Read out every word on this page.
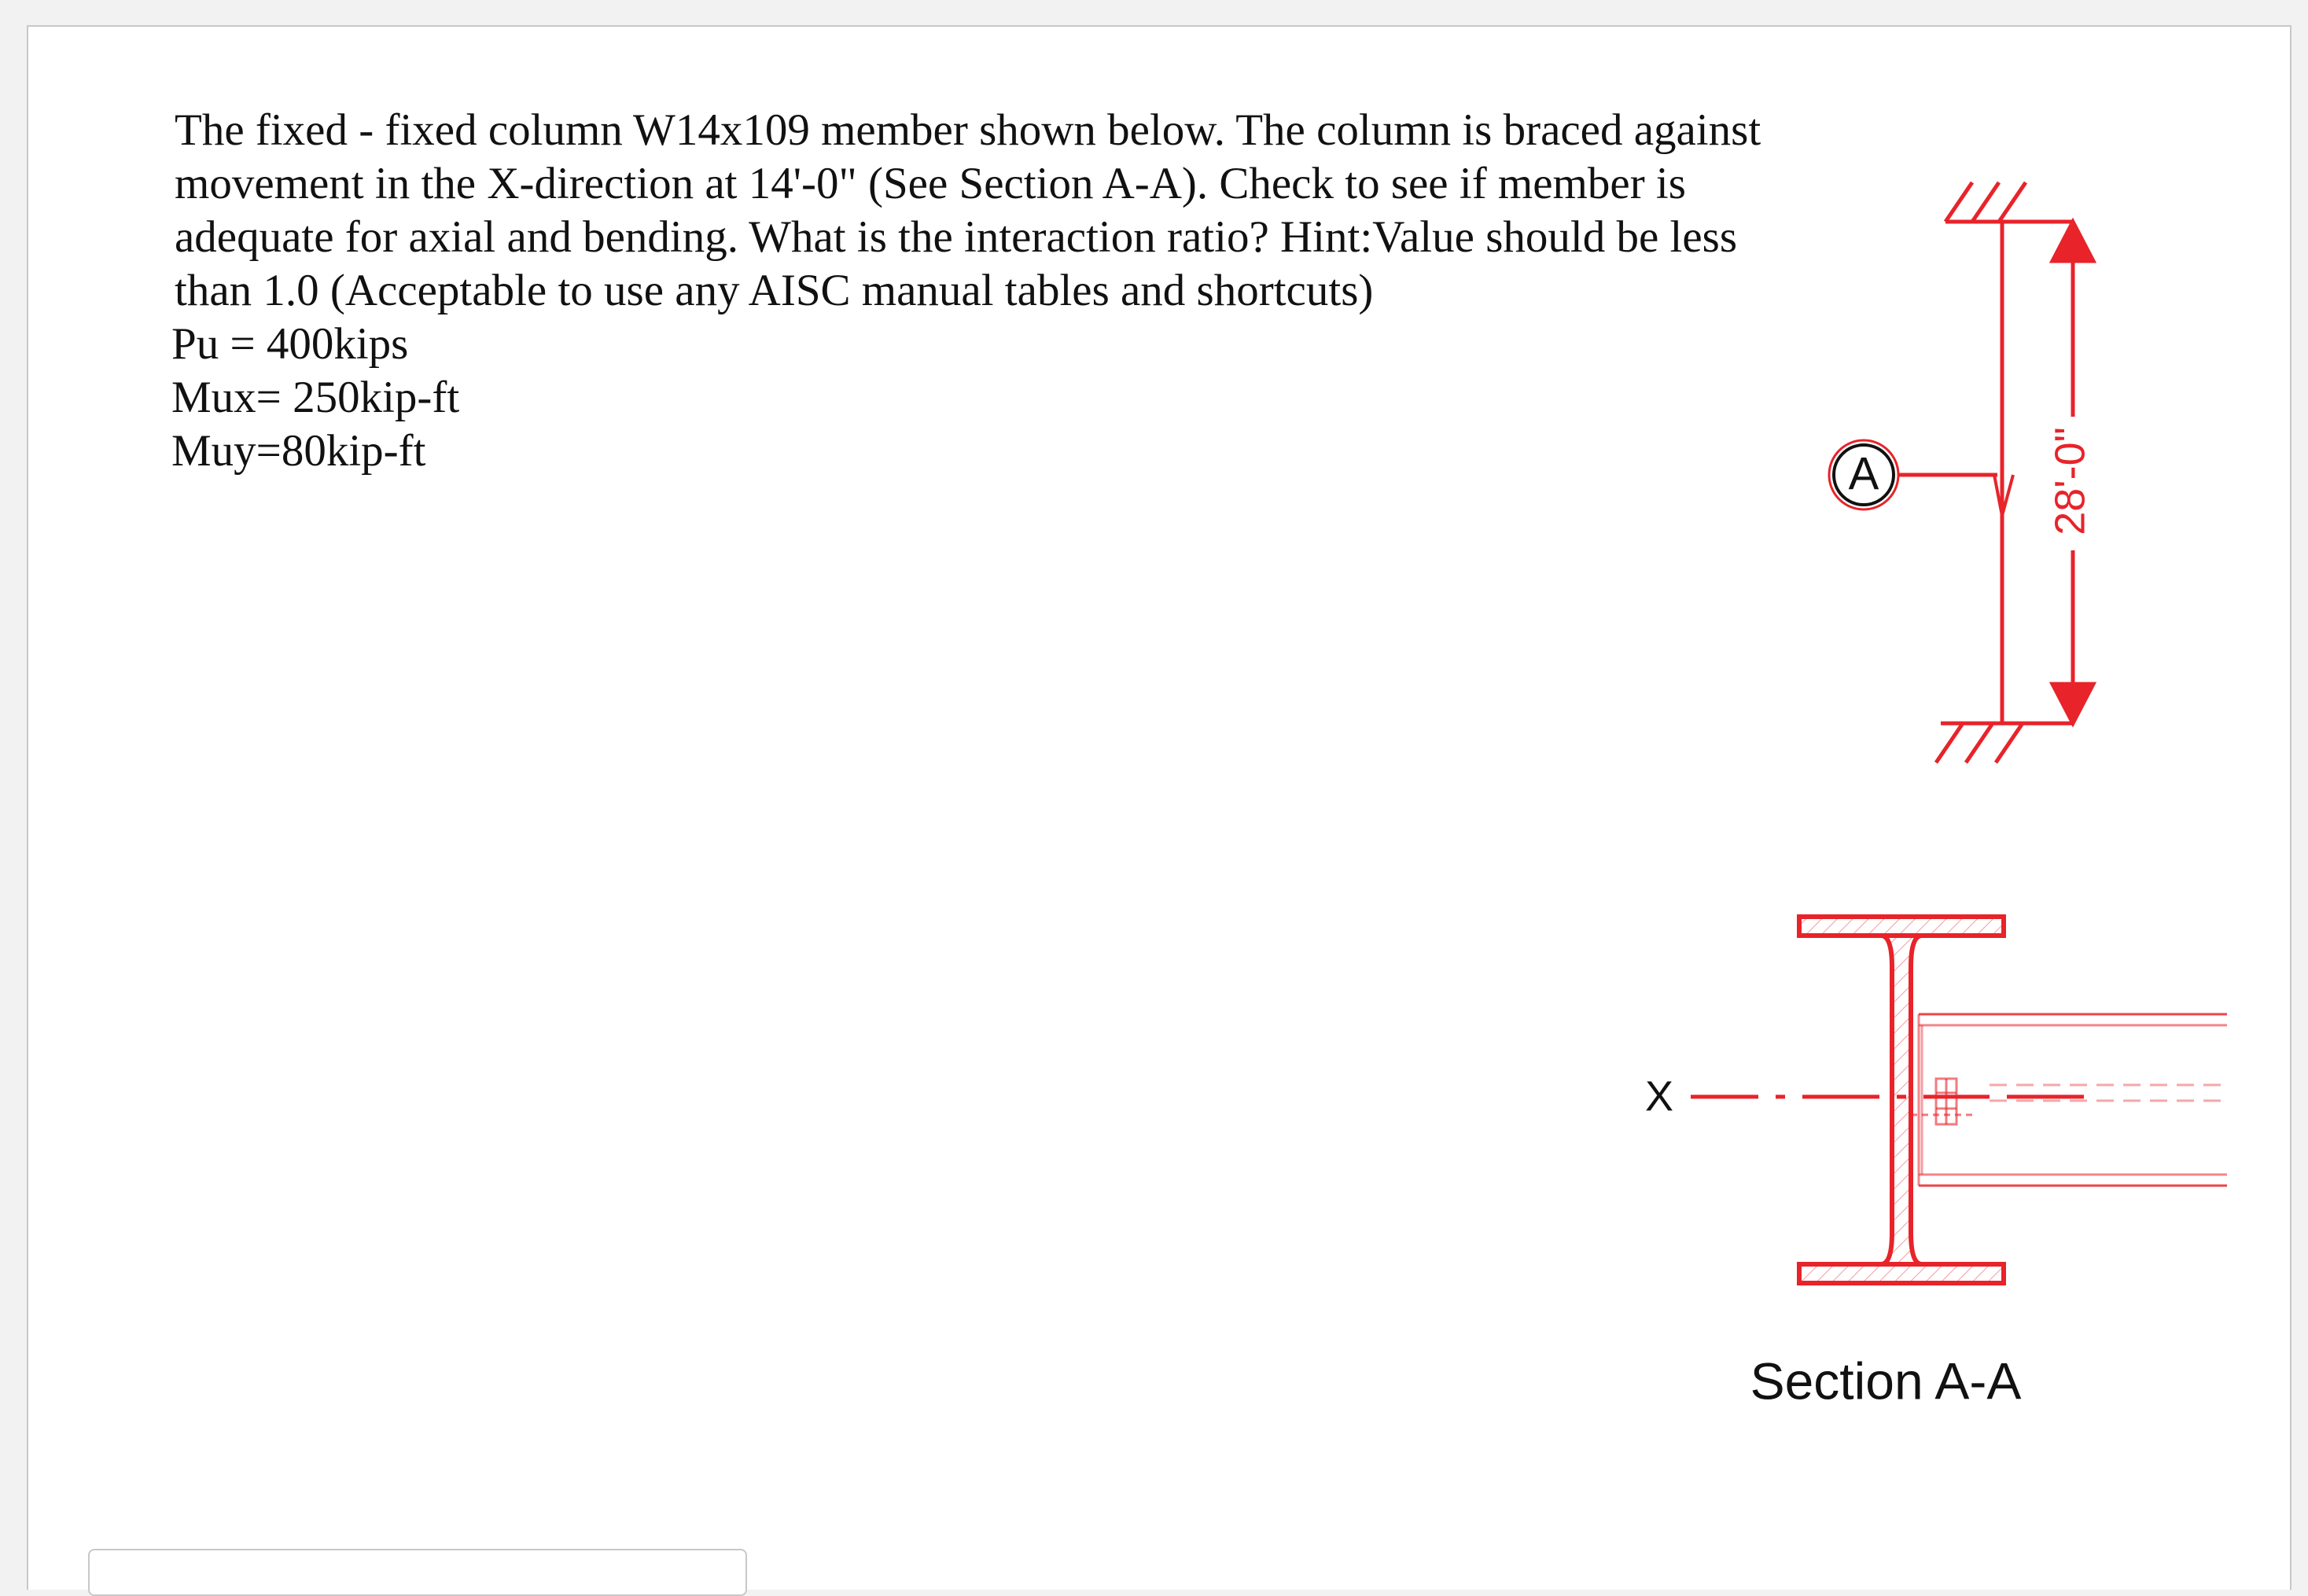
The fixed - fixed column W14x109 member shown below. The column is braced against movement in the X-direction at 14'-0" (See Section A-A). Check to see if member is adequate for axial and bending. What is the interaction ratio? Hint:Value should be less than 1.0 (Acceptable to use any AISC manual tables and shortcuts)

Pu = 400kips
Mux= 250kip-ft
Muy=80kip-ft	28'-0"
A
X
Section A-A
